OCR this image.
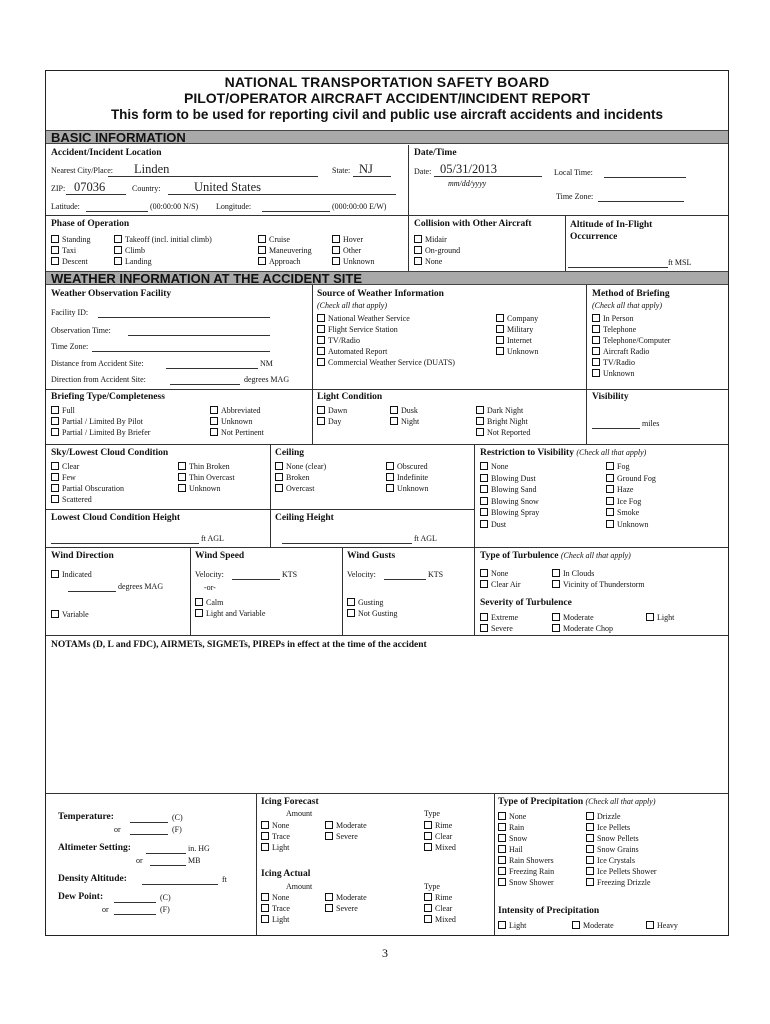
NATIONAL TRANSPORTATION SAFETY BOARD
PILOT/OPERATOR AIRCRAFT ACCIDENT/INCIDENT REPORT
This form to be used for reporting civil and public use aircraft accidents and incidents
BASIC INFORMATION
Accident/Incident Location
Nearest City/Place: Linden	State: NJ
ZIP: 07036	Country:	United States
Latitude:	(00:00:00 N/S) Longitude:	(000:00:00 E/W)
Date/Time
Date: 05/31/2013
mm/dd/yyyy
Local Time:
Time Zone:
Phase of Operation
Standing	Takeoff (incl. initial climb)	Cruise	Hover
Taxi	Climb	Maneuvering	Other
Descent	Landing	Approach	Unknown
Collision with Other Aircraft
Midair
On-ground
None
Altitude of In-Flight Occurrence
ft MSL
WEATHER INFORMATION AT THE ACCIDENT SITE
Weather Observation Facility
Facility ID:
Observation Time:
Time Zone:
Distance from Accident Site:	NM
Direction from Accident Site:	degrees MAG
Source of Weather Information
(Check all that apply)
National Weather Service
Flight Service Station
TV/Radio
Automated Report
Commercial Weather Service (DUATS)
Company
Military
Internet
Unknown
Method of Briefing
(Check all that apply)
In Person
Telephone
Telephone/Computer
Aircraft Radio
TV/Radio
Unknown
Briefing Type/Completeness
Full
Partial / Limited By Pilot
Partial / Limited By Briefer
Abbreviated
Unknown
Not Pertinent
Light Condition
Dawn
Day
Dusk
Night
Dark Night
Bright Night
Not Reported
Visibility
miles
Sky/Lowest Cloud Condition
Clear
Few
Partial Obscuration
Scattered
Thin Broken
Thin Overcast
Unknown
Ceiling
None (clear)
Broken
Overcast
Obscured
Indefinite
Unknown
Restriction to Visibility (Check all that apply)
None
Blowing Dust
Blowing Sand
Blowing Snow
Blowing Spray
Dust
Fog
Ground Fog
Haze
Ice Fog
Smoke
Unknown
Lowest Cloud Condition Height
ft AGL
Ceiling Height
ft AGL
Wind Direction
Indicated
degrees MAG
Variable
Wind Speed
Velocity:	KTS
-or-
Calm
Light and Variable
Wind Gusts
Velocity:	KTS
Gusting
Not Gusting
Type of Turbulence (Check all that apply)
None
Clear Air
In Clouds
Vicinity of Thunderstorm
Severity of Turbulence
Extreme
Severe
Moderate
Moderate Chop
Light
NOTAMs (D, L and FDC), AIRMETs, SIGMETs, PIREPs in effect at the time of the accident
Temperature:	(C)
or	(F)
Altimeter Setting:	in. HG
or	MB
Density Altitude:	ft
Dew Point:	(C)
or	(F)
Icing Forecast
Amount	Type
None
Trace
Light
Moderate
Severe
Rime
Clear
Mixed
Icing Actual
Amount	Type
None
Trace
Light
Moderate
Severe
Rime
Clear
Mixed
Type of Precipitation (Check all that apply)
None
Rain
Snow
Hail
Rain Showers
Freezing Rain
Snow Shower
Drizzle
Ice Pellets
Snow Pellets
Snow Grains
Ice Crystals
Ice Pellets Shower
Freezing Drizzle
Intensity of Precipitation
Light	Moderate	Heavy
3
